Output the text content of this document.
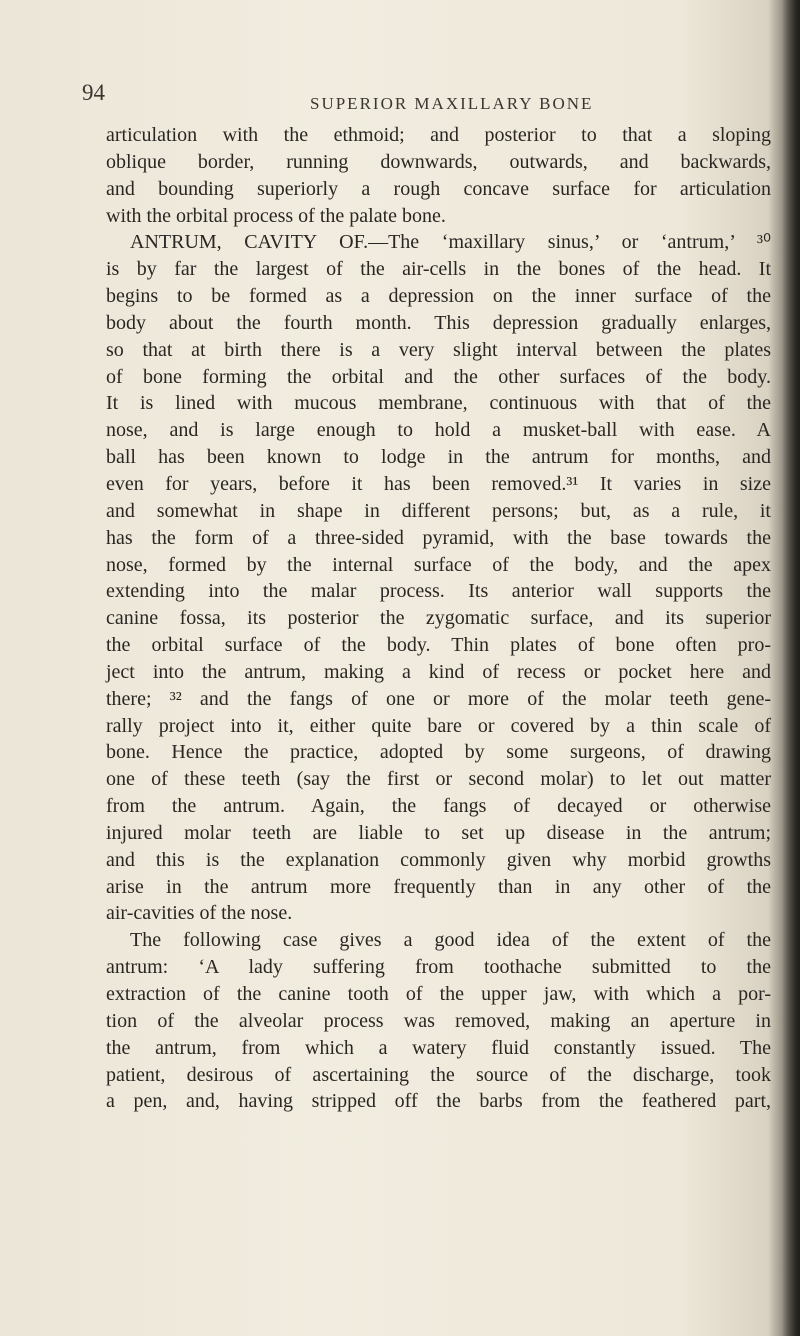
94	SUPERIOR MAXILLARY BONE
articulation with the ethmoid; and posterior to that a sloping
oblique border, running downwards, outwards, and backwards,
and bounding superiorly a rough concave surface for articulation
with the orbital process of the palate bone.
ANTRUM, CAVITY OF.—The ‘maxillary sinus,’ or ‘antrum,’ ³⁰
is by far the largest of the air-cells in the bones of the head. It
begins to be formed as a depression on the inner surface of the
body about the fourth month. This depression gradually enlarges,
so that at birth there is a very slight interval between the plates
of bone forming the orbital and the other surfaces of the body.
It is lined with mucous membrane, continuous with that of the
nose, and is large enough to hold a musket-ball with ease. A
ball has been known to lodge in the antrum for months, and
even for years, before it has been removed.³¹ It varies in size
and somewhat in shape in different persons; but, as a rule, it
has the form of a three-sided pyramid, with the base towards the
nose, formed by the internal surface of the body, and the apex
extending into the malar process. Its anterior wall supports the
canine fossa, its posterior the zygomatic surface, and its superior
the orbital surface of the body. Thin plates of bone often pro-
ject into the antrum, making a kind of recess or pocket here and
there; ³² and the fangs of one or more of the molar teeth gene-
rally project into it, either quite bare or covered by a thin scale of
bone. Hence the practice, adopted by some surgeons, of drawing
one of these teeth (say the first or second molar) to let out matter
from the antrum. Again, the fangs of decayed or otherwise
injured molar teeth are liable to set up disease in the antrum;
and this is the explanation commonly given why morbid growths
arise in the antrum more frequently than in any other of the
air-cavities of the nose.
The following case gives a good idea of the extent of the
antrum: ‘A lady suffering from toothache submitted to the
extraction of the canine tooth of the upper jaw, with which a por-
tion of the alveolar process was removed, making an aperture in
the antrum, from which a watery fluid constantly issued. The
patient, desirous of ascertaining the source of the discharge, took
a pen, and, having stripped off the barbs from the feathered part,
